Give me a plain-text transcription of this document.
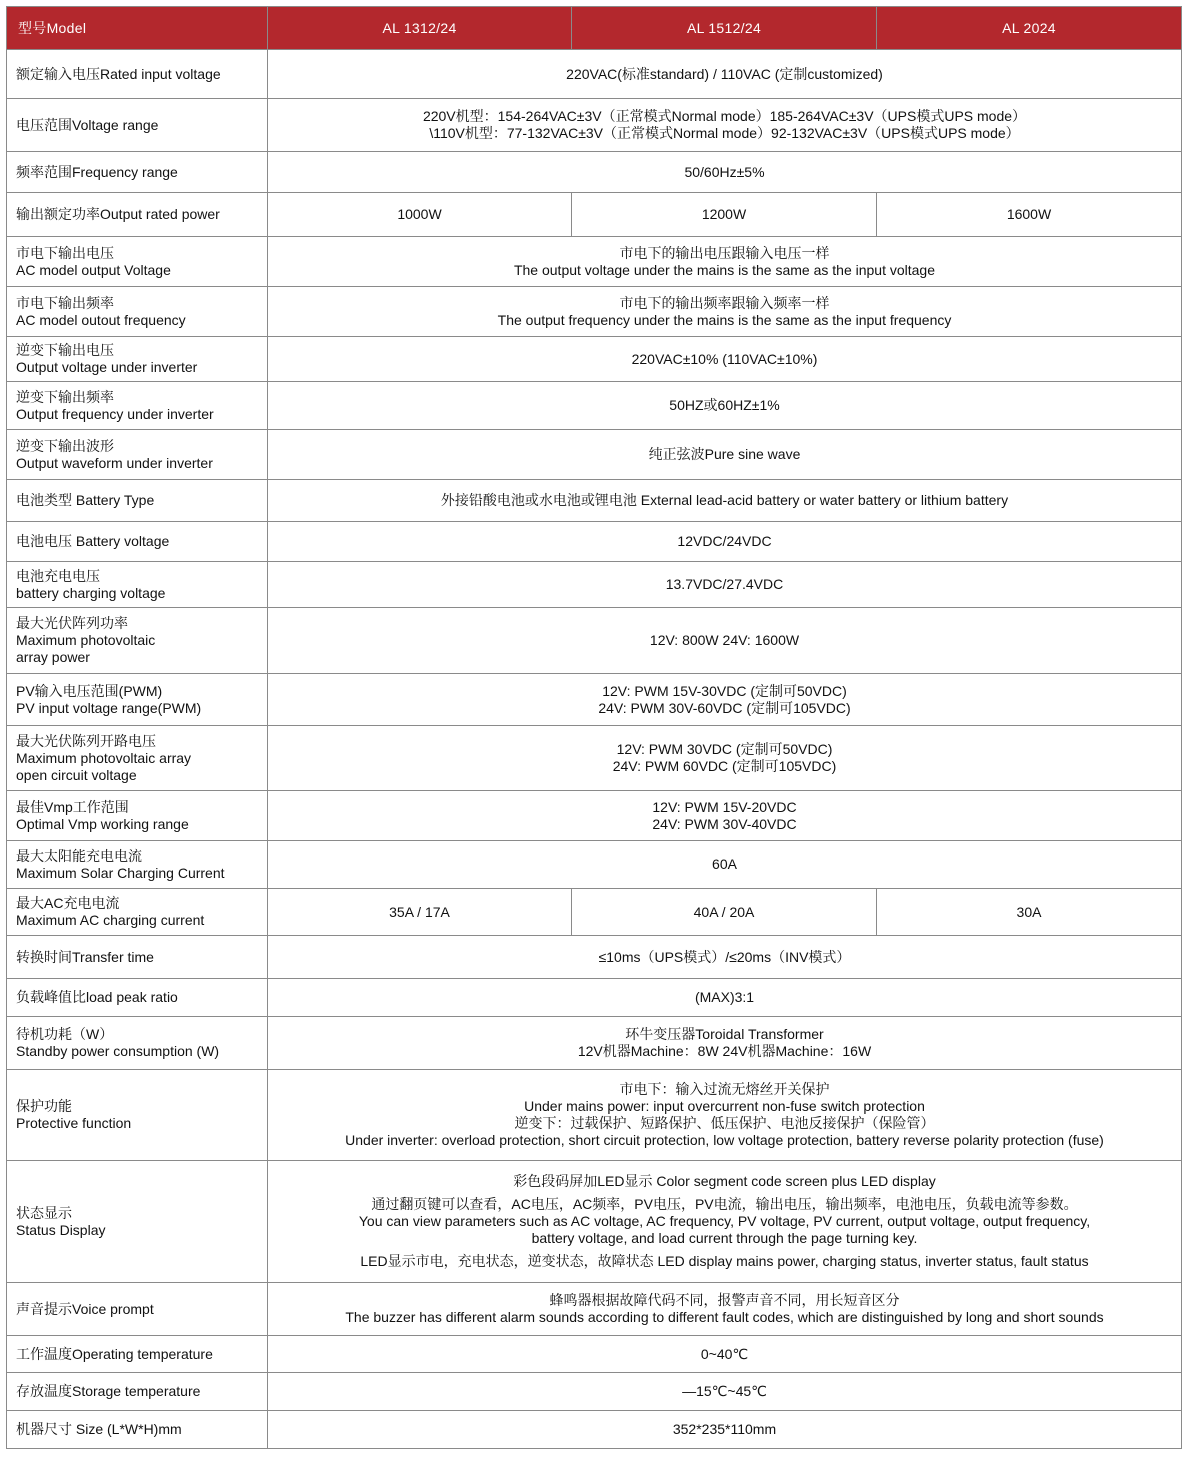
型号Model	AL 1312/24	AL 1512/24	AL 2024

额定输入电压Rated input voltage	220VAC(标准standard) / 110VAC (定制customized)		

电压范围Voltage range	220V机型：154-264VAC±3V（正常模式Normal mode）185-264VAC±3V（UPS模式UPS mode）
\110V机型：77-132VAC±3V（正常模式Normal mode）92-132VAC±3V（UPS模式UPS mode）		

频率范围Frequency range	50/60Hz±5%		

输出额定功率Output rated power	1000W	1200W	1600W

市电下输出电压
AC model output Voltage	市电下的输出电压跟输入电压一样
The output voltage under the mains is the same as the input voltage		

市电下输出频率
AC model outout frequency	市电下的输出频率跟输入频率一样
The output frequency under the mains is the same as the input frequency		

逆变下输出电压
Output voltage under inverter	220VAC±10% (110VAC±10%)		

逆变下输出频率
Output frequency under inverter	50HZ或60HZ±1%		

逆变下输出波形
Output waveform under inverter	纯正弦波Pure sine wave		

电池类型 Battery Type	外接铅酸电池或水电池或锂电池 External lead-acid battery or water battery or lithium battery		

电池电压 Battery voltage	12VDC/24VDC		

电池充电电压
battery charging voltage	13.7VDC/27.4VDC		

最大光伏阵列功率
Maximum photovoltaic
array power	12V: 800W 24V: 1600W		

PV输入电压范围(PWM)
PV input voltage range(PWM)	12V: PWM 15V-30VDC (定制可50VDC)
24V: PWM 30V-60VDC (定制可105VDC)		

最大光伏陈列开路电压
Maximum photovoltaic array
open circuit voltage	12V: PWM 30VDC (定制可50VDC)
24V: PWM 60VDC (定制可105VDC)		

最佳Vmp工作范围
Optimal Vmp working range	12V: PWM 15V-20VDC
24V: PWM 30V-40VDC		

最大太阳能充电电流
Maximum Solar Charging Current	60A		

最大AC充电电流
Maximum AC charging current	35A / 17A	40A / 20A	30A

转换时间Transfer time	≤10ms（UPS模式）/≤20ms（INV模式）		

负载峰值比load peak ratio	(MAX)3:1		

待机功耗（W）
Standby power consumption (W)	环牛变压器Toroidal Transformer
12V机器Machine：8W 24V机器Machine：16W		

保护功能
Protective function	市电下：输入过流无熔丝开关保护
Under mains power: input overcurrent non-fuse switch protection
逆变下：过载保护、短路保护、低压保护、电池反接保护（保险管）
Under inverter: overload protection, short circuit protection, low voltage protection, battery reverse polarity protection (fuse)		

状态显示
Status Display	彩色段码屏加LED显示 Color segment code screen plus LED display
通过翻页键可以查看，AC电压，AC频率，PV电压，PV电流，输出电压，输出频率，电池电压，负载电流等参数。
You can view parameters such as AC voltage, AC frequency, PV voltage, PV current, output voltage, output frequency,
battery voltage, and load current through the page turning key.
LED显示市电，充电状态，逆变状态，故障状态 LED display mains power, charging status, inverter status, fault status		

声音提示Voice prompt	蜂鸣器根据故障代码不同，报警声音不同，用长短音区分
The buzzer has different alarm sounds according to different fault codes, which are distinguished by long and short sounds		

工作温度Operating temperature	0~40℃		

存放温度Storage temperature	—15℃~45℃		

机器尺寸 Size (L*W*H)mm	352*235*110mm		
